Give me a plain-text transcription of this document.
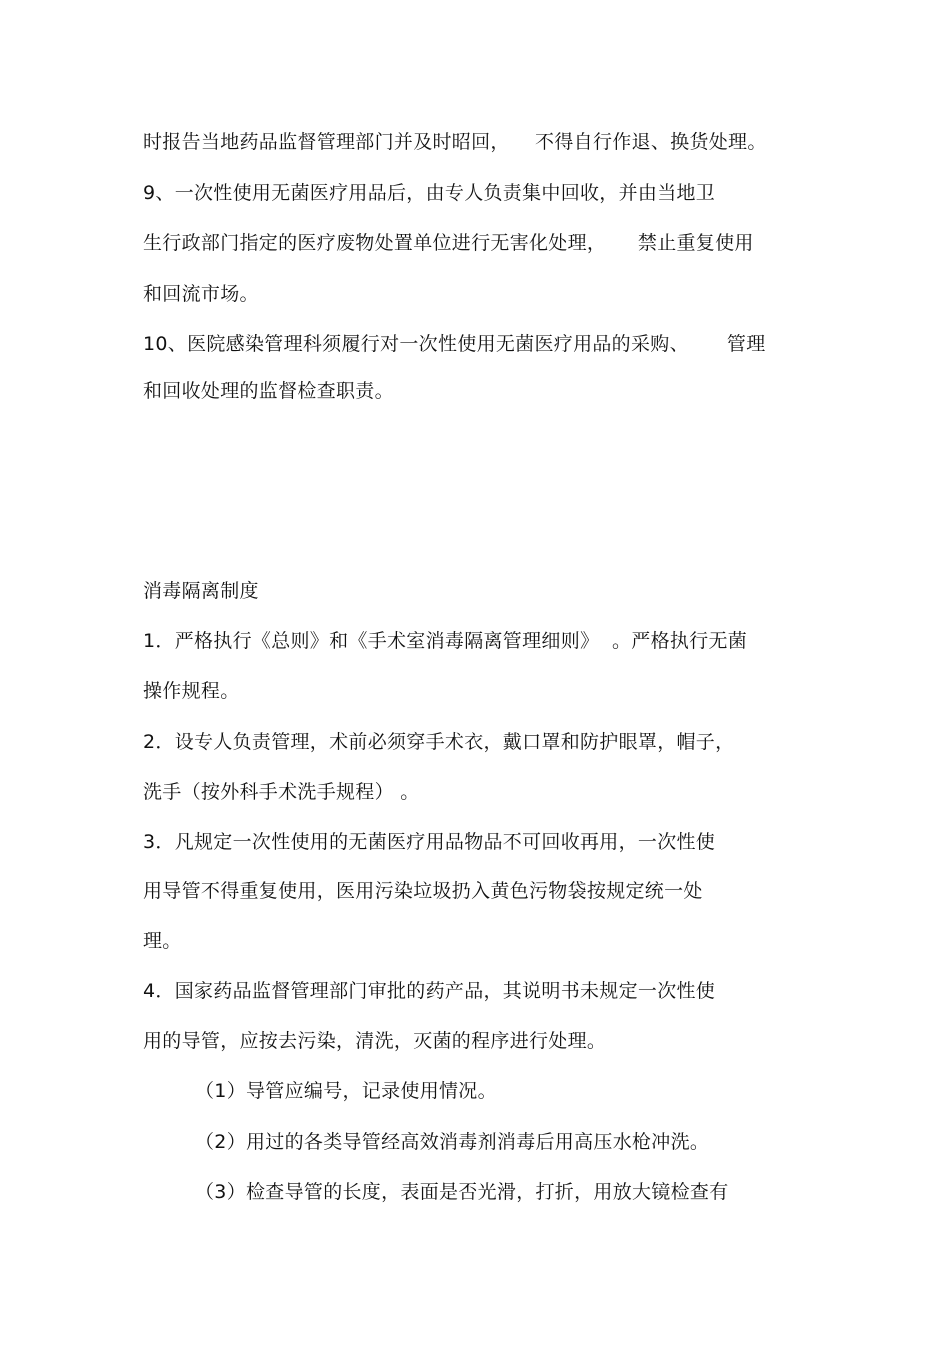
时报告当地药品监督管理部门并及时昭回，    不得自行作退、换货处理。
9、一次性使用无菌医疗用品后，由专人负责集中回收，并由当地卫
生行政部门指定的医疗废物处置单位进行无害化处理，     禁止重复使用
和回流市场。
10、医院感染管理科须履行对一次性使用无菌医疗用品的采购、      管理
和回收处理的监督检查职责。
消毒隔离制度
1．严格执行《总则》和《手术室消毒隔离管理细则》  。严格执行无菌
操作规程。
2．设专人负责管理，术前必须穿手术衣，戴口罩和防护眼罩，帽子，
洗手（按外科手术洗手规程） 。
3．凡规定一次性使用的无菌医疗用品物品不可回收再用，一次性使
用导管不得重复使用，医用污染垃圾扔入黄色污物袋按规定统一处
理。
4．国家药品监督管理部门审批的药产品，其说明书未规定一次性使
用的导管，应按去污染，清洗，灭菌的程序进行处理。
（1）导管应编号，记录使用情况。
（2）用过的各类导管经高效消毒剂消毒后用高压水枪冲洗。
（3）检查导管的长度，表面是否光滑，打折，用放大镜检查有
